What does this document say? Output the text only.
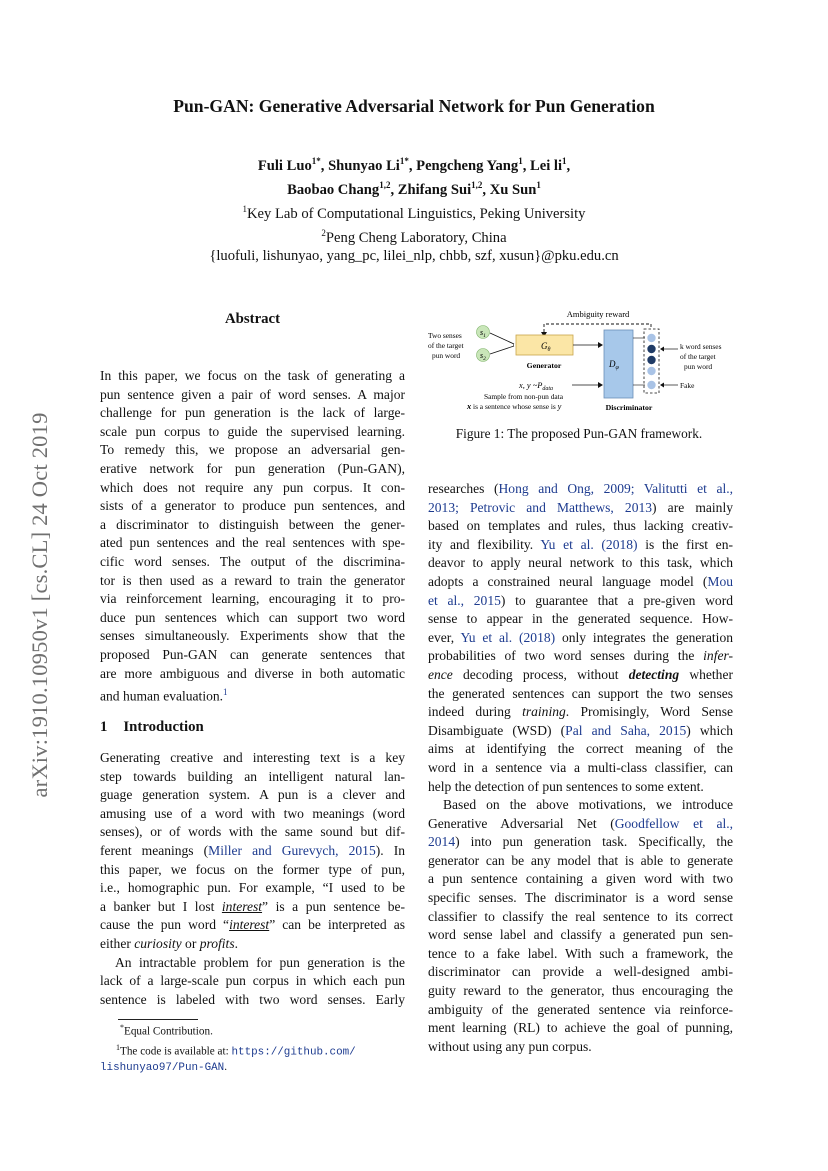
Pun-GAN: Generative Adversarial Network for Pun Generation
Fuli Luo$^{1*}$, Shunyao $Li^{1*}$, Pengcheng Yang$^1$, Lei $li^1$,
Baobao Chang$^{1,2}$, Zhifang Sui$^{1,2}$, Xu Sun$^1$
$^1$Key Lab of Computational Linguistics, Peking University
$^2$Peng Cheng Laboratory, China
{luofuli, lishunyao, yang_pc, lilei_nlp, chbb, szf, xusun}@pku.edu.cn
arXiv:1910.10950v1 [cs.CL] 24 Oct 2019
Abstract
In this paper, we focus on the task of generating a
pun sentence given a pair of word senses. A major
challenge for pun generation is the lack of large-
scale pun corpus to guide the supervised learning.
To remedy this, we propose an adversarial gen-
erative network for pun generation (Pun-GAN),
which does not require any pun corpus. It con-
sists of a generator to produce pun sentences, and
a discriminator to distinguish between the gener-
ated pun sentences and the real sentences with spe-
cific word senses. The output of the discrimina-
tor is then used as a reward to train the generator
via reinforcement learning, encouraging it to pro-
duce pun sentences which can support two word
senses simultaneously. Experiments show that the
proposed Pun-GAN can generate sentences that
are more ambiguous and diverse in both automatic
and human evaluation.$^1$
1 Introduction
Generating creative and interesting text is a key
step towards building an intelligent natural lan-
guage generation system. A pun is a clever and
amusing use of a word with two meanings (word
senses), or of words with the same sound but dif-
ferent meanings (Miller and Gurevych, 2015). In
this paper, we focus on the former type of pun,
i.e., homographic pun. For example, “I used to be
a banker but I lost interest” is a pun sentence be-
cause the pun word “interest” can be interpreted as
either curiosity or profits.
An intractable problem for pun generation is the
lack of a large-scale pun corpus in which each pun
sentence is labeled with two word senses. Early
*Equal Contribution.
$^1$The code is available at: https://github.com/
lishunyao97/Pun-GAN.
Ambiguity reward
Two senses
of the target
pun word
$s_1$
$s_2$
$G_\theta$
Generator	$D_\varphi$
Discriminator
k word senses
of the target
pun word
Fake
x, y $\sim P_{data}$
Sample from non-pun data
x is a sentence whose sense is y
Figure 1: The proposed Pun-GAN framework.
researches (Hong and Ong, 2009; Valitutti et al.,
2013; Petrovic and Matthews, 2013) are mainly
based on templates and rules, thus lacking creativ-
ity and flexibility. Yu et al. (2018) is the first en-
deavor to apply neural network to this task, which
adopts a constrained neural language model (Mou
et al., 2015) to guarantee that a pre-given word
sense to appear in the generated sequence. How-
ever, Yu et al. (2018) only integrates the generation
probabilities of two word senses during the infer-
ence decoding process, without detecting whether
the generated sentences can support the two senses
indeed during training. Promisingly, Word Sense
Disambiguate (WSD) (Pal and Saha, 2015) which
aims at identifying the correct meaning of the
word in a sentence via a multi-class classifier, can
help the detection of pun sentences to some extent.
Based on the above motivations, we introduce
Generative Adversarial Net (Goodfellow et al.,
2014) into pun generation task. Specifically, the
generator can be any model that is able to generate
a pun sentence containing a given word with two
specific senses. The discriminator is a word sense
classifier to classify the real sentence to its correct
word sense label and classify a generated pun sen-
tence to a fake label. With such a framework, the
discriminator can provide a well-designed ambi-
guity reward to the generator, thus encouraging the
ambiguity of the generated sentence via reinforce-
ment learning (RL) to achieve the goal of punning,
without using any pun corpus.
